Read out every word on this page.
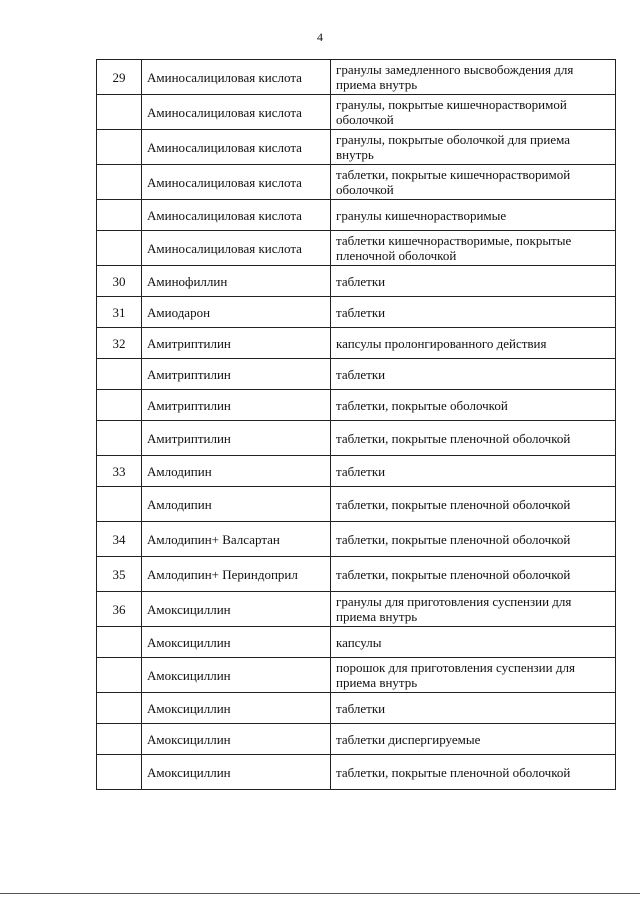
4
29	Аминосалициловая кислота	гранулы замедленного высвобождения для приема внутрь
	Аминосалициловая кислота	гранулы, покрытые кишечнорастворимой оболочкой
	Аминосалициловая кислота	гранулы, покрытые оболочкой для приема внутрь
	Аминосалициловая кислота	таблетки, покрытые кишечнорастворимой оболочкой
	Аминосалициловая кислота	гранулы кишечнорастворимые
	Аминосалициловая кислота	таблетки кишечнорастворимые, покрытые пленочной оболочкой
30	Аминофиллин	таблетки
31	Амиодарон	таблетки
32	Амитриптилин	капсулы пролонгированного действия
	Амитриптилин	таблетки
	Амитриптилин	таблетки, покрытые оболочкой
	Амитриптилин	таблетки, покрытые пленочной оболочкой
33	Амлодипин	таблетки
	Амлодипин	таблетки, покрытые пленочной оболочкой
34	Амлодипин+ Валсартан	таблетки, покрытые пленочной оболочкой
35	Амлодипин+ Периндоприл	таблетки, покрытые пленочной оболочкой
36	Амоксициллин	гранулы для приготовления суспензии для приема внутрь
	Амоксициллин	капсулы
	Амоксициллин	порошок для приготовления суспензии для приема внутрь
	Амоксициллин	таблетки
	Амоксициллин	таблетки диспергируемые
	Амоксициллин	таблетки, покрытые пленочной оболочкой
